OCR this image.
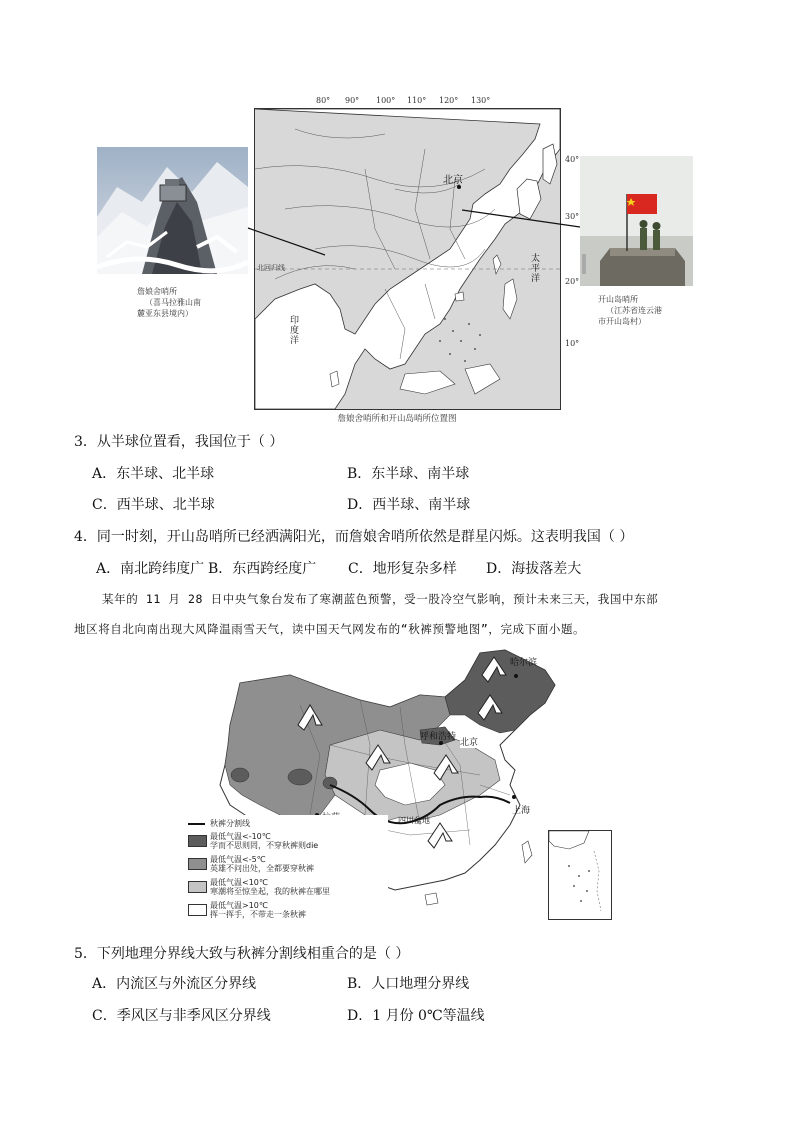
詹娘舍哨所
（喜马拉雅山南
麓亚东县境内）
80° 90° 100° 110° 120° 130°
40°
30°
20°
10°
北京
太平洋
印度洋
北回归线
开山岛哨所
（江苏省连云港
市开山岛村）
詹娘舍哨所和开山岛哨所位置图
3．从半球位置看，我国位于（ ）
A．东半球、北半球	B．东半球、南半球
C．西半球、北半球	D．西半球、南半球
4．同一时刻，开山岛哨所已经洒满阳光，而詹娘舍哨所依然是群星闪烁。这表明我国（ ）
A．南北跨纬度广 B．东西跨经度广 C．地形复杂多样 D．海拔落差大
某年的 11 月 28 日中央气象台发布了寒潮蓝色预警，受一股冷空气影响，预计未来三天，我国中东部
地区将自北向南出现大风降温雨雪天气，读中国天气网发布的“秋裤预警地图”，完成下面小题。
哈尔滨
呼和浩特
北京
上海
四川盆地
秋裤分割线
最低气温<-10℃
学而不思则罔，不穿秋裤则die
最低气温<-5℃
英雄不问出处，全都要穿秋裤
最低气温<10℃
寒潮将至惊坐起，我的秋裤在哪里
最低气温>10℃
挥一挥手，不带走一条秋裤
5．下列地理分界线大致与秋裤分割线相重合的是（ ）
A．内流区与外流区分界线	B．人口地理分界线
C．季风区与非季风区分界线	D．1 月份 0℃等温线
